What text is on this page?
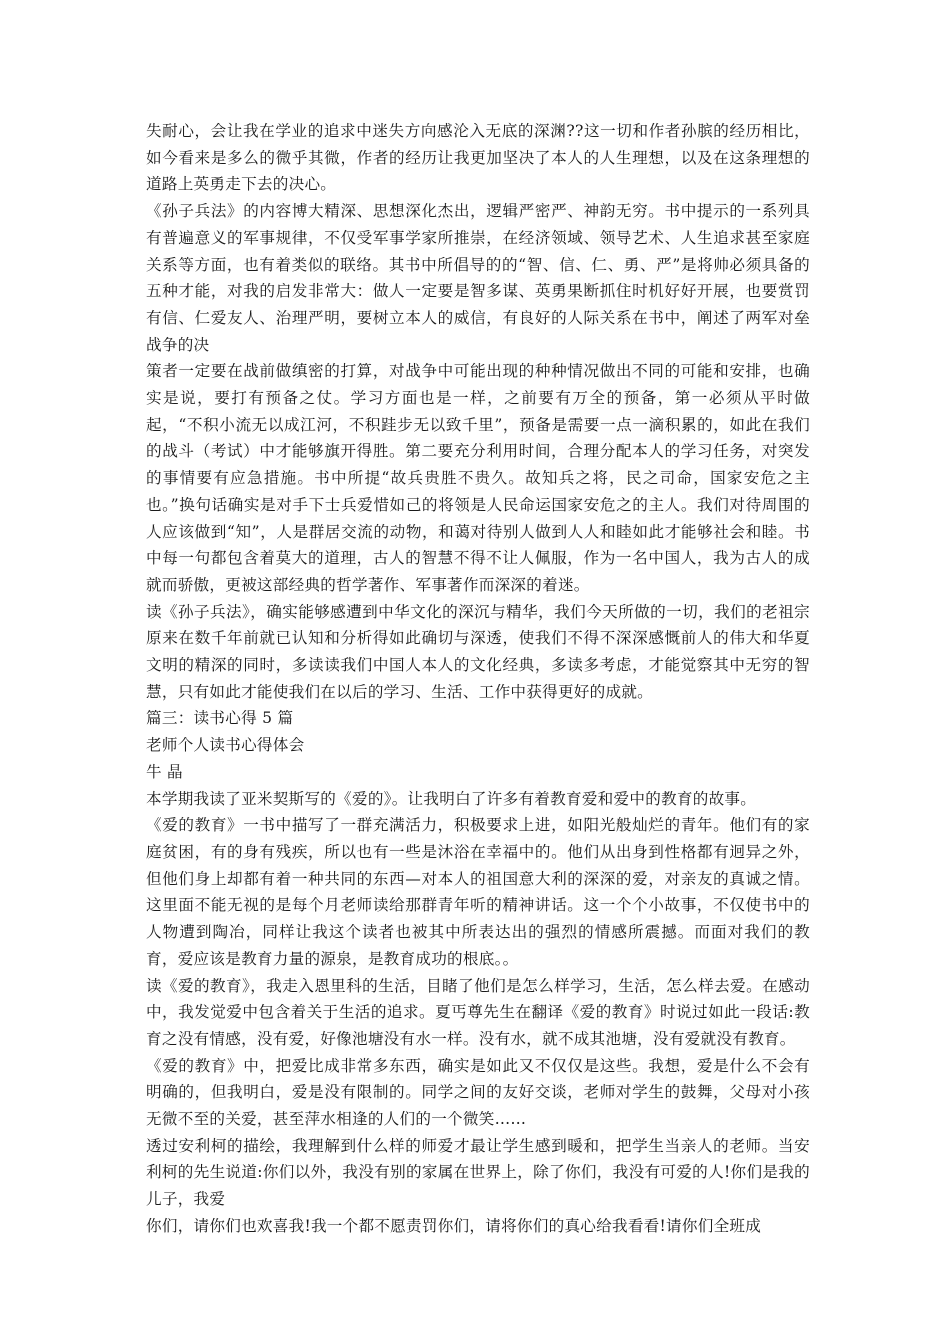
失耐心，会让我在学业的追求中迷失方向感沦入无底的深渊??这一切和作者孙膑的经历相比，如今看来是多么的微乎其微，作者的经历让我更加坚决了本人的人生理想，以及在这条理想的道路上英勇走下去的决心。

《孙子兵法》的内容博大精深、思想深化杰出，逻辑严密严、神韵无穷。书中提示的一系列具有普遍意义的军事规律，不仅受军事学家所推崇，在经济领域、领导艺术、人生追求甚至家庭关系等方面，也有着类似的联络。其书中所倡导的的“智、信、仁、勇、严”是将帅必须具备的五种才能，对我的启发非常大：做人一定要是智多谋、英勇果断抓住时机好好开展，也要赏罚有信、仁爱友人、治理严明，要树立本人的威信，有良好的人际关系在书中，阐述了两军对垒战争的决

策者一定要在战前做缜密的打算，对战争中可能出现的种种情况做出不同的可能和安排，也确实是说，要打有预备之仗。学习方面也是一样，之前要有万全的预备，第一必须从平时做起，“不积小流无以成江河，不积跬步无以致千里”，预备是需要一点一滴积累的，如此在我们的战斗（考试）中才能够旗开得胜。第二要充分利用时间，合理分配本人的学习任务，对突发的事情要有应急措施。书中所提“故兵贵胜不贵久。故知兵之将，民之司命，国家安危之主也。”换句话确实是对手下士兵爱惜如己的将领是人民命运国家安危之的主人。我们对待周围的人应该做到“知”，人是群居交流的动物，和蔼对待别人做到人人和睦如此才能够社会和睦。书中每一句都包含着莫大的道理，古人的智慧不得不让人佩服，作为一名中国人，我为古人的成就而骄傲，更被这部经典的哲学著作、军事著作而深深的着迷。

读《孙子兵法》，确实能够感遭到中华文化的深沉与精华，我们今天所做的一切，我们的老祖宗原来在数千年前就已认知和分析得如此确切与深透，使我们不得不深深感慨前人的伟大和华夏文明的精深的同时，多读读我们中国人本人的文化经典，多读多考虑，才能觉察其中无穷的智慧，只有如此才能使我们在以后的学习、生活、工作中获得更好的成就。

篇三：读书心得 5 篇

老师个人读书心得体会

牛 晶

本学期我读了亚米契斯写的《爱的》。让我明白了许多有着教育爱和爱中的教育的故事。

《爱的教育》一书中描写了一群充满活力，积极要求上进，如阳光般灿烂的青年。他们有的家庭贫困，有的身有残疾，所以也有一些是沐浴在幸福中的。他们从出身到性格都有迥异之外，但他们身上却都有着一种共同的东西—对本人的祖国意大利的深深的爱，对亲友的真诚之情。这里面不能无视的是每个月老师读给那群青年听的精神讲话。这一个个小故事，不仅使书中的人物遭到陶冶，同样让我这个读者也被其中所表达出的强烈的情感所震撼。而面对我们的教育，爱应该是教育力量的源泉，是教育成功的根底。。

读《爱的教育》，我走入恩里科的生活，目睹了他们是怎么样学习，生活，怎么样去爱。在感动中，我发觉爱中包含着关于生活的追求。夏丐尊先生在翻译《爱的教育》时说过如此一段话:教育之没有情感，没有爱，好像池塘没有水一样。没有水，就不成其池塘，没有爱就没有教育。

《爱的教育》中，把爱比成非常多东西，确实是如此又不仅仅是这些。我想，爱是什么不会有明确的，但我明白，爱是没有限制的。同学之间的友好交谈，老师对学生的鼓舞，父母对小孩无微不至的关爱，甚至萍水相逢的人们的一个微笑……

透过安利柯的描绘，我理解到什么样的师爱才最让学生感到暖和，把学生当亲人的老师。当安利柯的先生说道:你们以外，我没有别的家属在世界上，除了你们，我没有可爱的人!你们是我的儿子，我爱

你们，请你们也欢喜我!我一个都不愿责罚你们，请将你们的真心给我看看!请你们全班成
